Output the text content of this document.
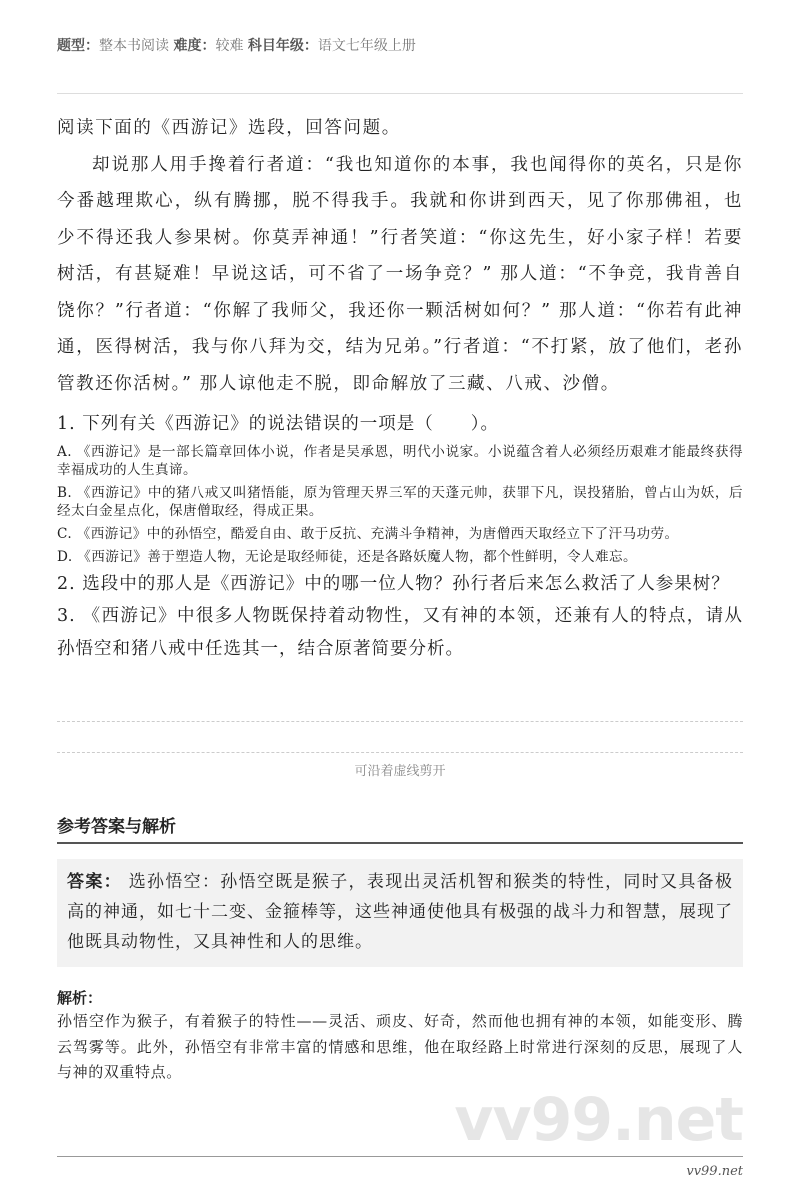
题型：整本书阅读 难度：较难 科目年级：语文七年级上册
阅读下面的《西游记》选段，回答问题。
却说那人用手搀着行者道：“我也知道你的本事，我也闻得你的英名，只是你今番越理欺心，纵有腾挪，脱不得我手。我就和你讲到西天，见了你那佛祖，也少不得还我人参果树。你莫弄神通！”行者笑道：“你这先生，好小家子样！若要树活，有甚疑难！早说这话，可不省了一场争竞？” 那人道：“不争竞，我肯善自饶你？”行者道：“你解了我师父，我还你一颗活树如何？” 那人道：“你若有此神通，医得树活，我与你八拜为交，结为兄弟。”行者道：“不打紧，放了他们，老孙管教还你活树。” 那人谅他走不脱，即命解放了三藏、八戒、沙僧。
1. 下列有关《西游记》的说法错误的一项是（　　）。
A. 《西游记》是一部长篇章回体小说，作者是吴承恩，明代小说家。小说蕴含着人必须经历艰难才能最终获得幸福成功的人生真谛。
B. 《西游记》中的猪八戒又叫猪悟能，原为管理天界三军的天蓬元帅，获罪下凡，误投猪胎，曾占山为妖，后经太白金星点化，保唐僧取经，得成正果。
C. 《西游记》中的孙悟空，酷爱自由、敢于反抗、充满斗争精神，为唐僧西天取经立下了汗马功劳。
D. 《西游记》善于塑造人物，无论是取经师徒，还是各路妖魔人物，都个性鲜明，令人难忘。
2. 选段中的那人是《西游记》中的哪一位人物？孙行者后来怎么救活了人参果树？
3. 《西游记》中很多人物既保持着动物性，又有神的本领，还兼有人的特点，请从孙悟空和猪八戒中任选其一，结合原著简要分析。
可沿着虚线剪开
参考答案与解析
答案： 选孙悟空：孙悟空既是猴子，表现出灵活机智和猴类的特性，同时又具备极高的神通，如七十二变、金箍棒等，这些神通使他具有极强的战斗力和智慧，展现了他既具动物性，又具神性和人的思维。
解析：
孙悟空作为猴子，有着猴子的特性——灵活、顽皮、好奇，然而他也拥有神的本领，如能变形、腾云驾雾等。此外，孙悟空有非常丰富的情感和思维，他在取经路上时常进行深刻的反思，展现了人与神的双重特点。
vv99.net
vv99.net
